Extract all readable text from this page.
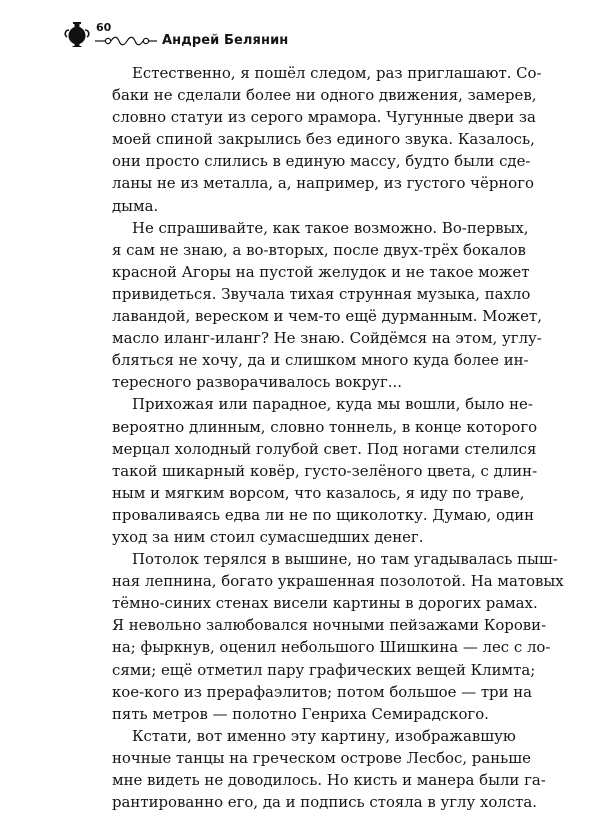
60
Андрей Белянин

Естественно, я пошёл следом, раз приглашают. Со-
баки не сделали более ни одного движения, замерев,
словно статуи из серого мрамора. Чугунные двери за
моей спиной закрылись без единого звука. Казалось,
они просто слились в единую массу, будто были сде-
ланы не из металла, а, например, из густого чёрного
дыма.

Не спрашивайте, как такое возможно. Во-первых,
я сам не знаю, а во-вторых, после двух-трёх бокалов
красной Агоры на пустой желудок и не такое может
привидеться. Звучала тихая струнная музыка, пахло
лавандой, вереском и чем-то ещё дурманным. Может,
масло иланг-иланг? Не знаю. Сойдёмся на этом, углу-
бляться не хочу, да и слишком много куда более ин-
тересного разворачивалось вокруг...

Прихожая или парадное, куда мы вошли, было не-
вероятно длинным, словно тоннель, в конце которого
мерцал холодный голубой свет. Под ногами стелился
такой шикарный ковёр, густо-зелёного цвета, с длин-
ным и мягким ворсом, что казалось, я иду по траве,
проваливаясь едва ли не по щиколотку. Думаю, один
уход за ним стоил сумасшедших денег.

Потолок терялся в вышине, но там угадывалась пыш-
ная лепнина, богато украшенная позолотой. На матовых
тёмно-синих стенах висели картины в дорогих рамах.
Я невольно залюбовался ночными пейзажами Корови-
на; фыркнув, оценил небольшого Шишкина — лес с ло-
сями; ещё отметил пару графических вещей Климта;
кое-кого из прерафаэлитов; потом большое — три на
пять метров — полотно Генриха Семирадского.

Кстати, вот именно эту картину, изображавшую
ночные танцы на греческом острове Лесбос, раньше
мне видеть не доводилось. Но кисть и манера были га-
рантированно его, да и подпись стояла в углу холста.
